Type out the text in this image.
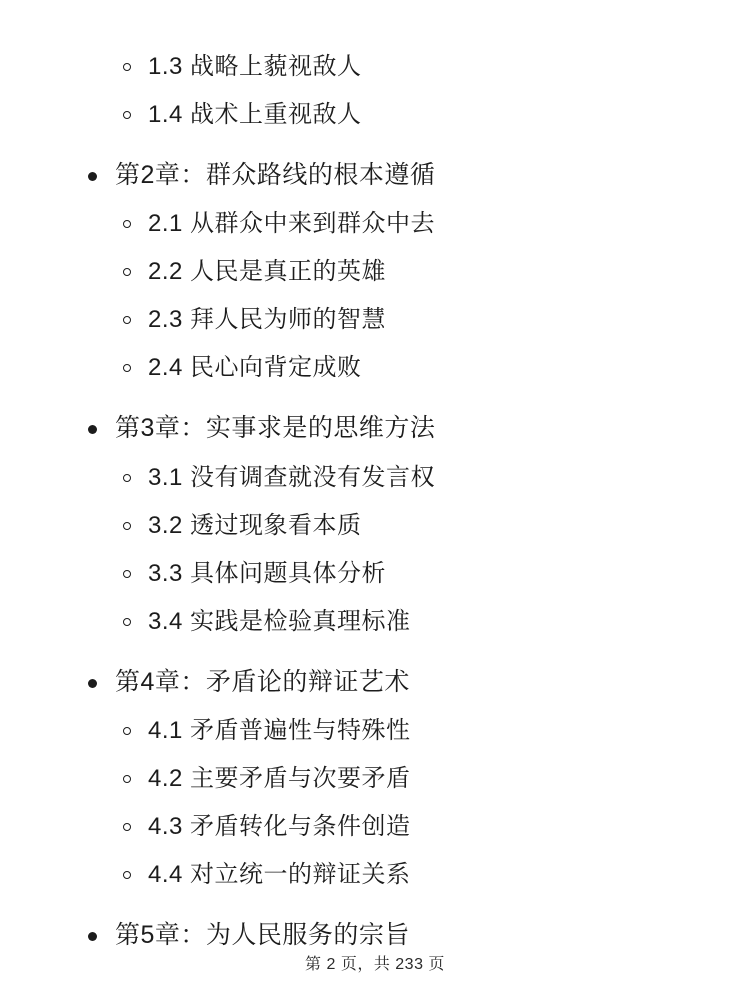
1.3 战略上藐视敌人
1.4 战术上重视敌人
第2章：群众路线的根本遵循
2.1 从群众中来到群众中去
2.2 人民是真正的英雄
2.3 拜人民为师的智慧
2.4 民心向背定成败
第3章：实事求是的思维方法
3.1 没有调查就没有发言权
3.2 透过现象看本质
3.3 具体问题具体分析
3.4 实践是检验真理标准
第4章：矛盾论的辩证艺术
4.1 矛盾普遍性与特殊性
4.2 主要矛盾与次要矛盾
4.3 矛盾转化与条件创造
4.4 对立统一的辩证关系
第5章：为人民服务的宗旨
第 2 页，共 233 页
